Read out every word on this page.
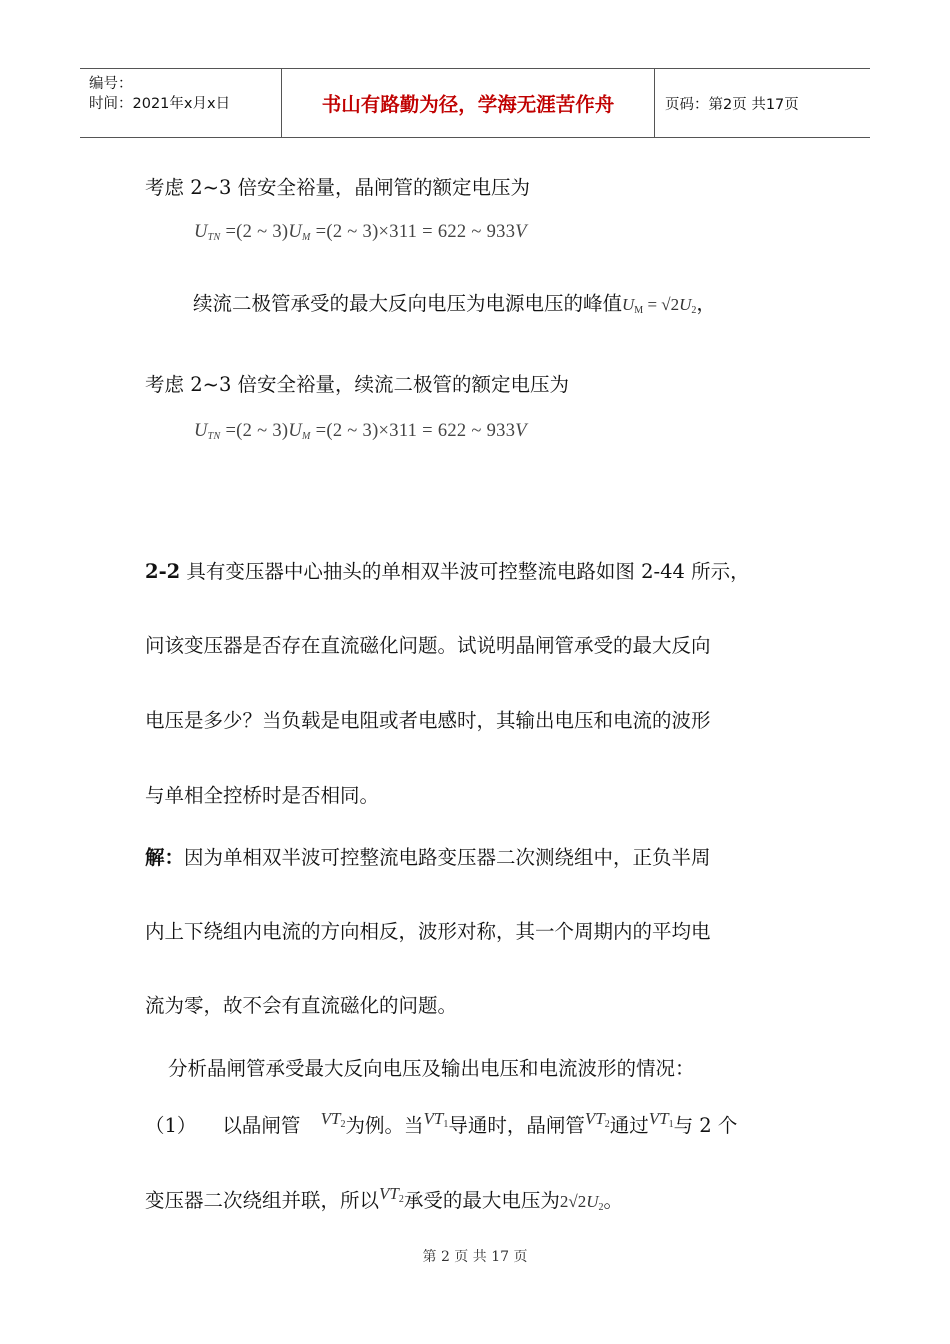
编号：
时间：2021年x月x日	书山有路勤为径，学海无涯苦作舟	页码：第2页 共17页
考虑 2~3 倍安全裕量，晶闸管的额定电压为
$U_{TN} =(2$ ~ $3)U_M =(2$ ~ 3)×311 = 622 ~ 933V
续流二极管承受的最大反向电压为电源电压的峰值$U_M = √2U_2$，
考虑 2~3 倍安全裕量，续流二极管的额定电压为
$U_{TN} =(2$ ~ $3)U_M =(2$ ~ 3)×311 = 622 ~ 933V
2-2 具有变压器中心抽头的单相双半波可控整流电路如图 2-44 所示，
问该变压器是否存在直流磁化问题。试说明晶闸管承受的最大反向
电压是多少？当负载是电阻或者电感时，其输出电压和电流的波形
与单相全控桥时是否相同。
解：因为单相双半波可控整流电路变压器二次测绕组中，正负半周
内上下绕组内电流的方向相反，波形对称，其一个周期内的平均电
流为零，故不会有直流磁化的问题。
分析晶闸管承受最大反向电压及输出电压和电流波形的情况：
（1） 以晶闸管 $VT_2$为例。当$VT_1$导通时，晶闸管$VT_2$通过$VT_1$与 2 个
变压器二次绕组并联，所以$VT_2$承受的最大电压为$2√2U_2$。
第 2 页 共 17 页
